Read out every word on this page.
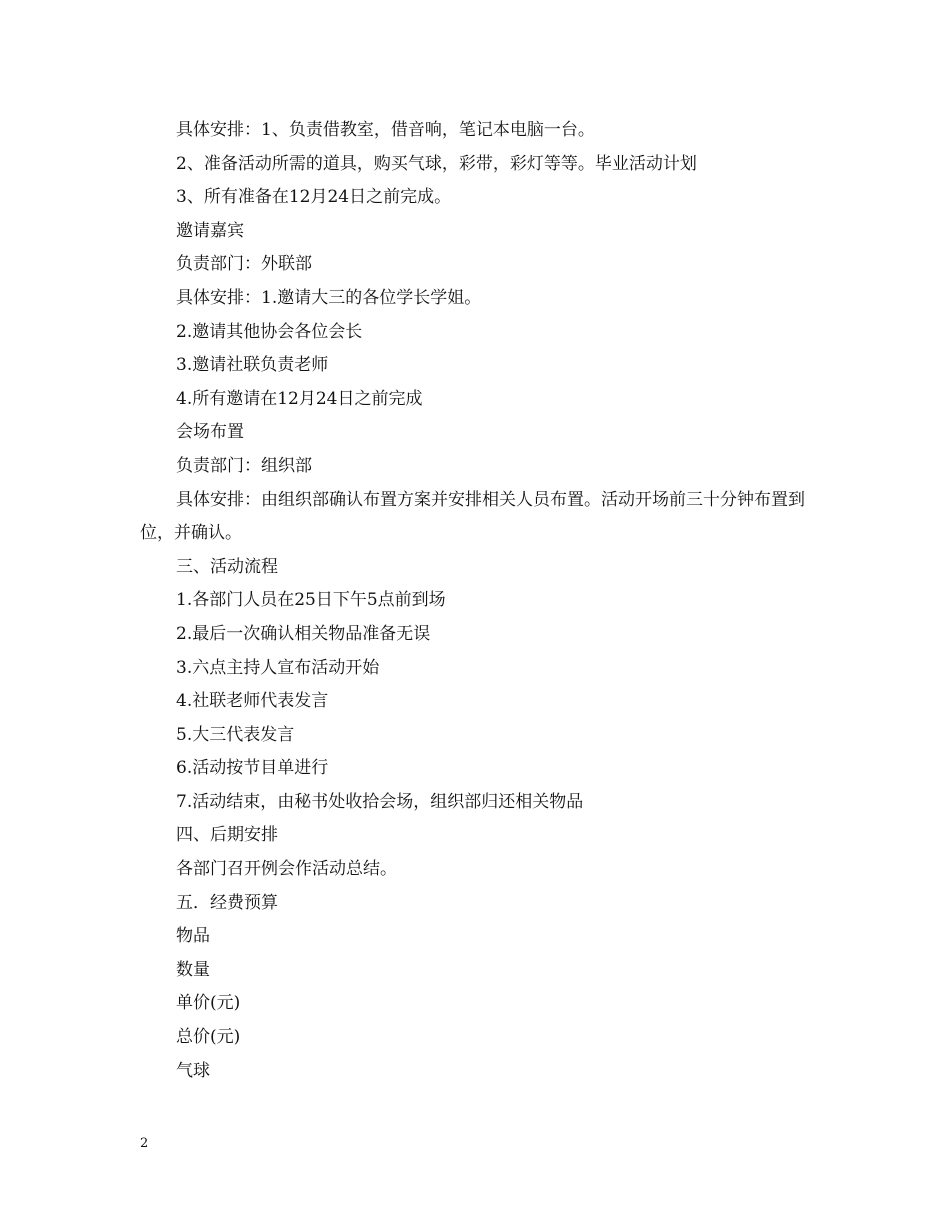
具体安排：1、负责借教室，借音响，笔记本电脑一台。

2、准备活动所需的道具，购买气球，彩带，彩灯等等。毕业活动计划

3、所有准备在12月24日之前完成。

邀请嘉宾

负责部门：外联部

具体安排：1.邀请大三的各位学长学姐。

2.邀请其他协会各位会长

3.邀请社联负责老师

4.所有邀请在12月24日之前完成

会场布置

负责部门：组织部

具体安排：由组织部确认布置方案并安排相关人员布置。活动开场前三十分钟布置到位，并确认。

三、活动流程

1.各部门人员在25日下午5点前到场

2.最后一次确认相关物品准备无误

3.六点主持人宣布活动开始

4.社联老师代表发言

5.大三代表发言

6.活动按节目单进行

7.活动结束，由秘书处收拾会场，组织部归还相关物品

四、后期安排

各部门召开例会作活动总结。

五．经费预算

物品

数量

单价(元)

总价(元)

气球

2
